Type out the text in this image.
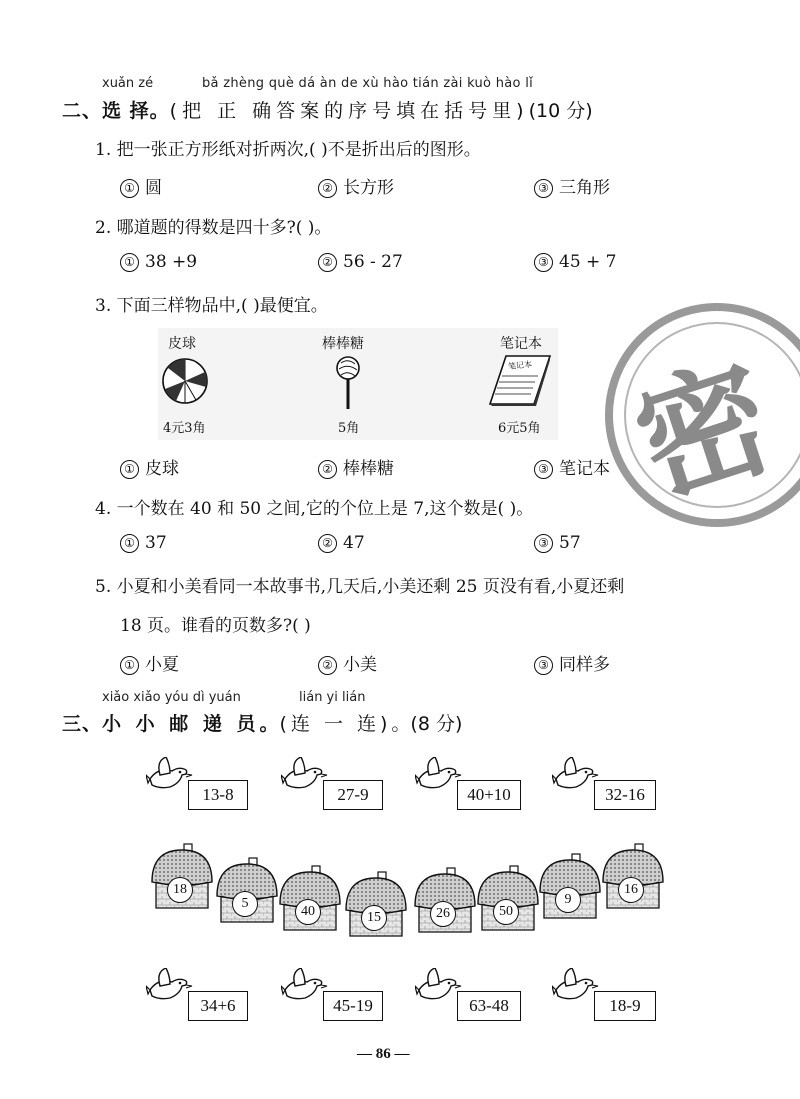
密
xuǎn zé	bǎ zhèng què dá àn de xù hào tián zài kuò hào lǐ
二、选 择。(把 正 确答案的序号填在括号里)(10 分)
1. 把一张正方形纸对折两次,( )不是折出后的图形。
① 圆	② 长方形	③ 三角形
2. 哪道题的得数是四十多?( )。
① 38 +9	② 56 - 27	③ 45 + 7
3. 下面三样物品中,( )最便宜。
皮球	棒棒糖	笔记本
笔记本
4元3角	5角	6元5角
① 皮球	② 棒棒糖	③ 笔记本
4. 一个数在 40 和 50 之间,它的个位上是 7,这个数是( )。
① 37	② 47	③ 57
5. 小夏和小美看同一本故事书,几天后,小美还剩 25 页没有看,小夏还剩
18 页。谁看的页数多?( )
① 小夏	② 小美	③ 同样多
xiǎo xiǎo yóu dì yuán	lián yi lián
三、小 小 邮 递 员。(连 一 连)。(8 分)
13-8	27-9	40+10	32-16
18
5
40	15	26	50
9
16
34+6	45-19	63-48	18-9
— 86 —
